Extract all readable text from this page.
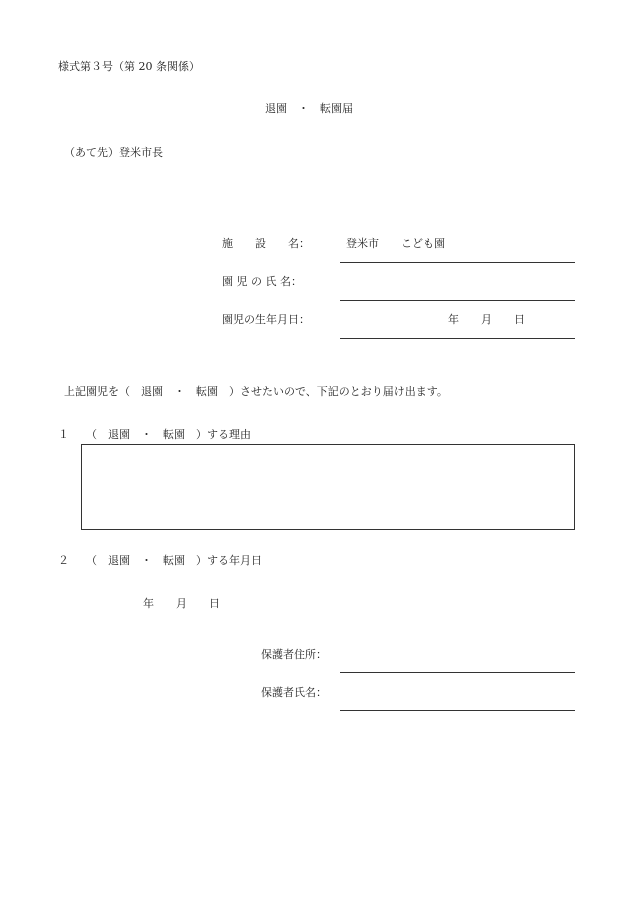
様式第３号（第 20 条関係）
退園　・　転園届
（あて先）登米市長
施　　設　　名：	登米市　　こども園
園 児 の 氏 名：
園児の生年月日：	年　　月　　日
上記園児を（　退園　・　転園　）させたいので、下記のとおり届け出ます。
１ （　退園　・　転園　）する理由
２ （　退園　・　転園　）する年月日
年　　月　　日
保護者住所：
保護者氏名：
